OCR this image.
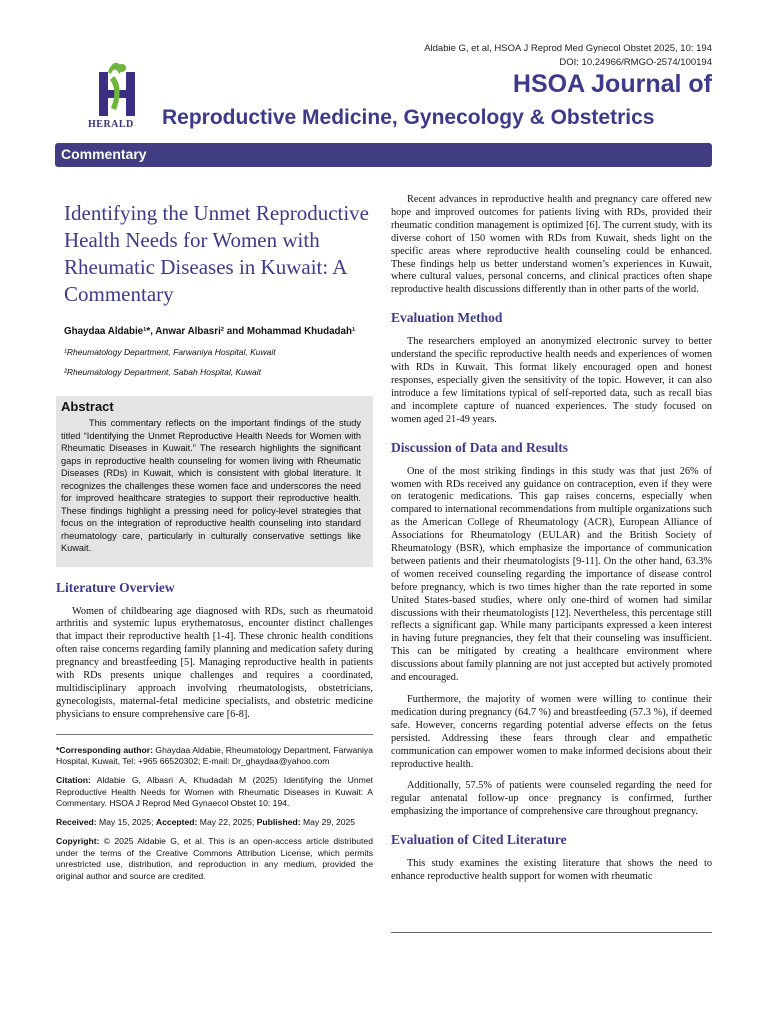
Aldabie G, et al, HSOA J Reprod Med Gynecol Obstet 2025, 10: 194
DOI: 10.24966/RMGO-2574/100194
HERALD
HSOA Journal of
Reproductive Medicine, Gynecology & Obstetrics
Commentary
Identifying the Unmet Reproductive Health Needs for Women with Rheumatic Diseases in Kuwait: A Commentary
Ghaydaa Aldabie¹*, Anwar Albasri² and Mohammad Khudadah¹
¹Rheumatology Department, Farwaniya Hospital, Kuwait
²Rheumatology Department, Sabah Hospital, Kuwait
Abstract

This commentary reflects on the important findings of the study titled “Identifying the Unmet Reproductive Health Needs for Women with Rheumatic Diseases in Kuwait.” The research highlights the significant gaps in reproductive health counseling for women living with Rheumatic Diseases (RDs) in Kuwait, which is consistent with global literature. It recognizes the challenges these women face and underscores the need for improved healthcare strategies to support their reproductive health. These findings highlight a pressing need for policy-level strategies that focus on the integration of reproductive health counseling into standard rheumatology care, particularly in culturally conservative settings like Kuwait.

Literature Overview

Women of childbearing age diagnosed with RDs, such as rheumatoid arthritis and systemic lupus erythematosus, encounter distinct challenges that impact their reproductive health [1-4]. These chronic health conditions often raise concerns regarding family planning and medication safety during pregnancy and breastfeeding [5]. Managing reproductive health in patients with RDs presents unique challenges and requires a coordinated, multidisciplinary approach involving rheumatologists, obstetricians, gynecologists, maternal-fetal medicine specialists, and obstetric medicine physicians to ensure comprehensive care [6-8].

*Corresponding author: Ghaydaa Aldabie, Rheumatology Department, Farwaniya Hospital, Kuwait, Tel: +965 66520302; E-mail: Dr_ghaydaa@yahoo.com

Citation: Aldabie G, Albasri A, Khudadah M (2025) Identifying the Unmet Reproductive Health Needs for Women with Rheumatic Diseases in Kuwait: A Commentary. HSOA J Reprod Med Gynaecol Obstet 10: 194.

Received: May 15, 2025; Accepted: May 22, 2025; Published: May 29, 2025

Copyright: © 2025 Aldabie G, et al. This is an open-access article distributed under the terms of the Creative Commons Attribution License, which permits unrestricted use, distribution, and reproduction in any medium, provided the original author and source are credited.

Recent advances in reproductive health and pregnancy care offered new hope and improved outcomes for patients living with RDs, provided their rheumatic condition management is optimized [6]. The current study, with its diverse cohort of 150 women with RDs from Kuwait, sheds light on the specific areas where reproductive health counseling could be enhanced. These findings help us better understand women’s experiences in Kuwait, where cultural values, personal concerns, and clinical practices often shape reproductive health discussions differently than in other parts of the world.

Evaluation Method

The researchers employed an anonymized electronic survey to better understand the specific reproductive health needs and experiences of women with RDs in Kuwait. This format likely encouraged open and honest responses, especially given the sensitivity of the topic. However, it can also introduce a few limitations typical of self-reported data, such as recall bias and incomplete capture of nuanced experiences. The study focused on women aged 21-49 years.

Discussion of Data and Results

One of the most striking findings in this study was that just 26% of women with RDs received any guidance on contraception, even if they were on teratogenic medications. This gap raises concerns, especially when compared to international recommendations from multiple organizations such as the American College of Rheumatology (ACR), European Alliance of Associations for Rheumatology (EULAR) and the British Society of Rheumatology (BSR), which emphasize the importance of communication between patients and their rheumatologists [9-11]. On the other hand, 63.3% of women received counseling regarding the importance of disease control before pregnancy, which is two times higher than the rate reported in some United States-based studies, where only one-third of women had similar discussions with their rheumatologists [12]. Nevertheless, this percentage still reflects a significant gap. While many participants expressed a keen interest in having future pregnancies, they felt that their counseling was insufficient. This can be mitigated by creating a healthcare environment where discussions about family planning are not just accepted but actively promoted and encouraged.

Furthermore, the majority of women were willing to continue their medication during pregnancy (64.7 %) and breastfeeding (57.3 %), if deemed safe. However, concerns regarding potential adverse effects on the fetus persisted. Addressing these fears through clear and empathetic communication can empower women to make informed decisions about their reproductive health.

Additionally, 57.5% of patients were counseled regarding the need for regular antenatal follow-up once pregnancy is confirmed, further emphasizing the importance of comprehensive care throughout pregnancy.

Evaluation of Cited Literature

This study examines the existing literature that shows the need to enhance reproductive health support for women with rheumatic
